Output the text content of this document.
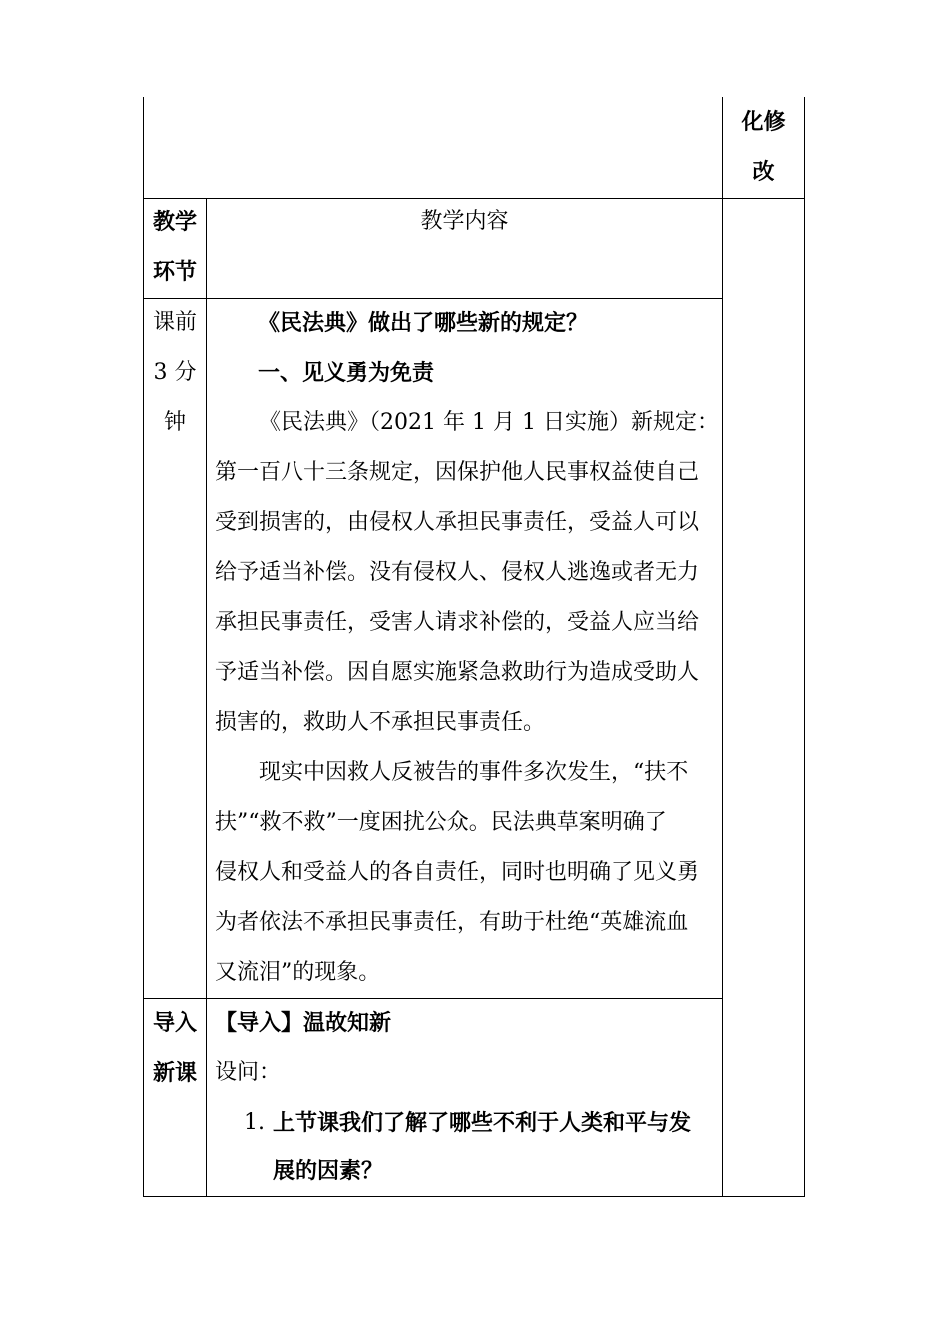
化修
改
教学
环节
教学内容
课前
3 分
钟
《民法典》做出了哪些新的规定？
一、见义勇为免责
《民法典》（2021 年 1 月 1 日实施）新规定：
第一百八十三条规定，因保护他人民事权益使自己
受到损害的，由侵权人承担民事责任，受益人可以
给予适当补偿。没有侵权人、侵权人逃逸或者无力
承担民事责任，受害人请求补偿的，受益人应当给
予适当补偿。因自愿实施紧急救助行为造成受助人
损害的，救助人不承担民事责任。
现实中因救人反被告的事件多次发生，“扶不
扶”“救不救”一度困扰公众。民法典草案明确了
侵权人和受益人的各自责任，同时也明确了见义勇
为者依法不承担民事责任，有助于杜绝“英雄流血
又流泪”的现象。
导入
新课
【导入】温故知新
设问：
1. 上节课我们了解了哪些不利于人类和平与发
展的因素？
